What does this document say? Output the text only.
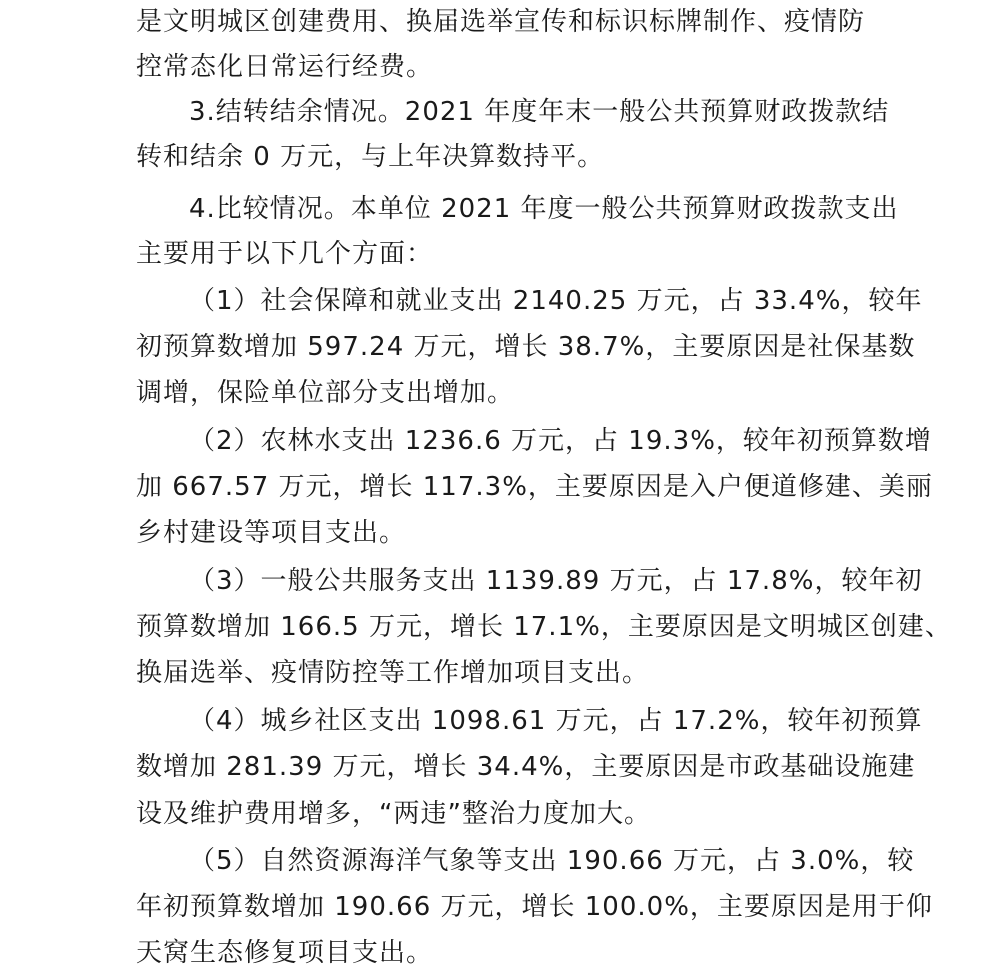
是文明城区创建费用、换届选举宣传和标识标牌制作、疫情防
控常态化日常运行经费。
3.结转结余情况。2021 年度年末一般公共预算财政拨款结
转和结余 0 万元，与上年决算数持平。
4.比较情况。本单位 2021 年度一般公共预算财政拨款支出
主要用于以下几个方面：
（1）社会保障和就业支出 2140.25 万元，占 33.4%，较年
初预算数增加 597.24 万元，增长 38.7%，主要原因是社保基数
调增，保险单位部分支出增加。
（2）农林水支出 1236.6 万元，占 19.3%，较年初预算数增
加 667.57 万元，增长 117.3%，主要原因是入户便道修建、美丽
乡村建设等项目支出。
（3）一般公共服务支出 1139.89 万元，占 17.8%，较年初
预算数增加 166.5 万元，增长 17.1%，主要原因是文明城区创建、
换届选举、疫情防控等工作增加项目支出。
（4）城乡社区支出 1098.61 万元，占 17.2%，较年初预算
数增加 281.39 万元，增长 34.4%，主要原因是市政基础设施建
设及维护费用增多，“两违”整治力度加大。
（5）自然资源海洋气象等支出 190.66 万元，占 3.0%，较
年初预算数增加 190.66 万元，增长 100.0%，主要原因是用于仰
天窝生态修复项目支出。
